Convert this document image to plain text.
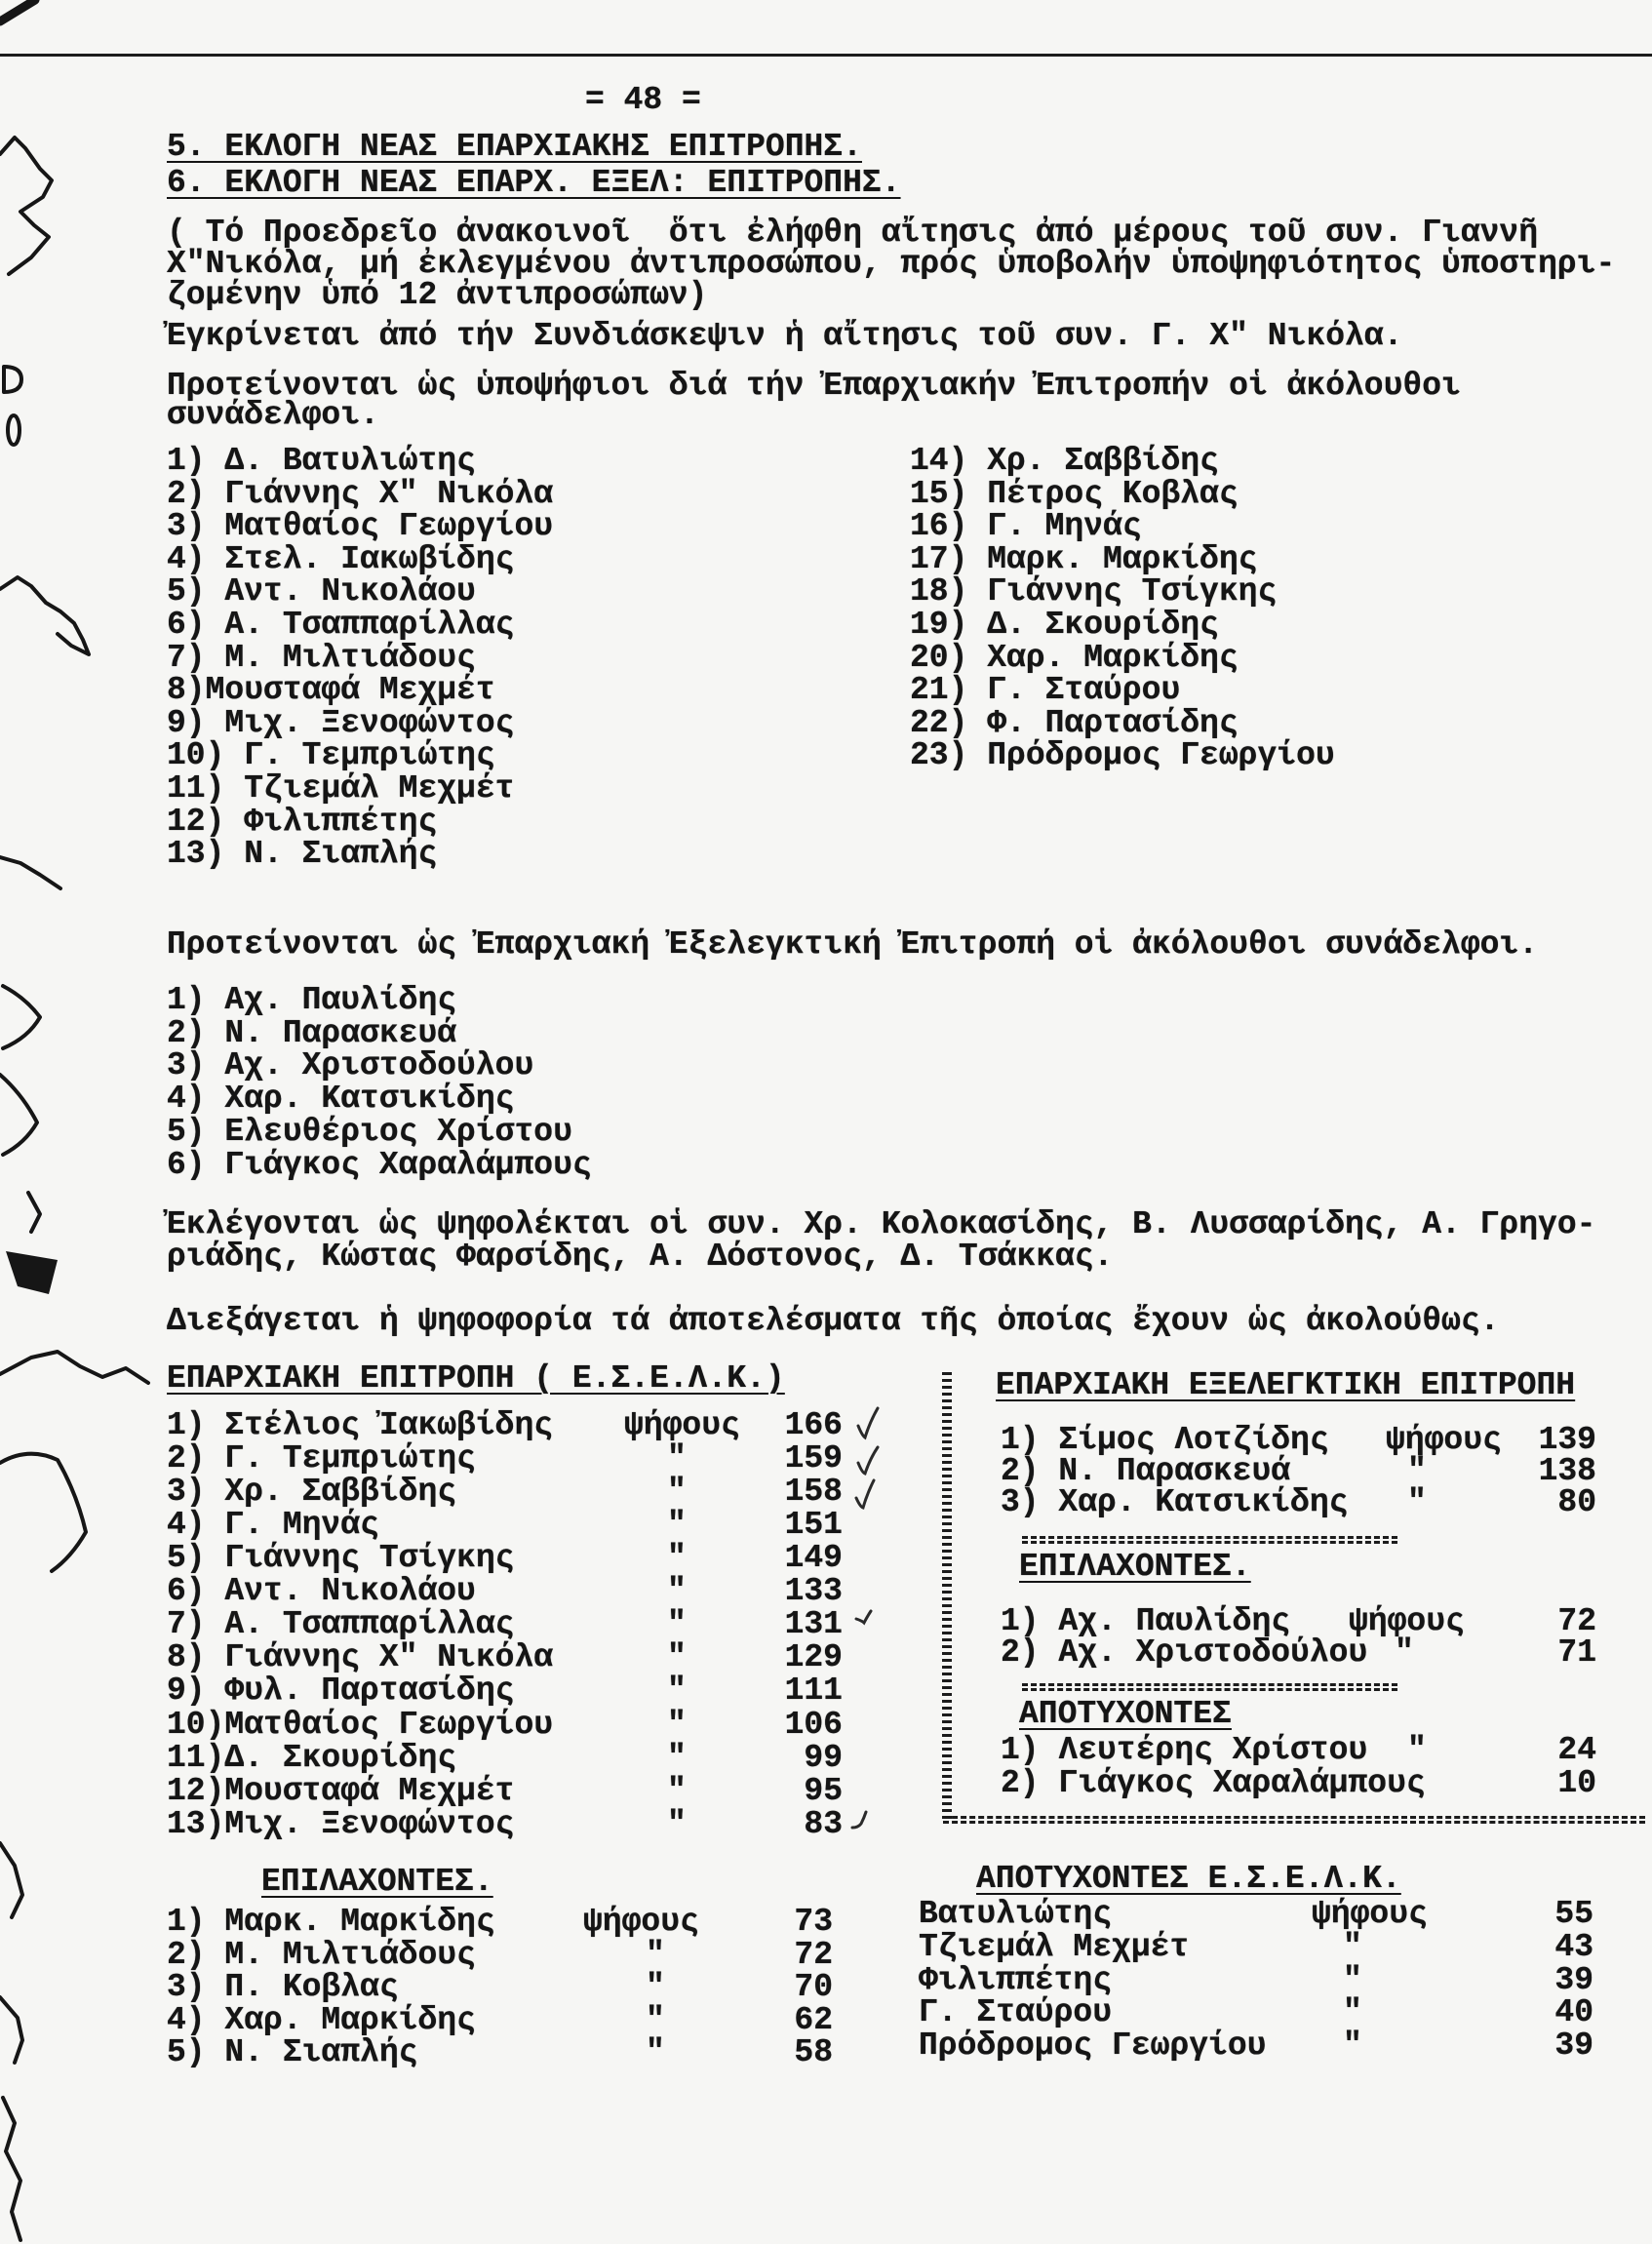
= 48 =
5. ΕΚΛΟΓΗ ΝΕΑΣ ΕΠΑΡΧΙΑΚΗΣ ΕΠΙΤΡΟΠΗΣ.
6. ΕΚΛΟΓΗ ΝΕΑΣ ΕΠΑΡΧ. ΕΞΕΛ: ΕΠΙΤΡΟΠΗΣ.
( Τό Προεδρεῖο ἀνακοινοῖ  ὅτι ἐλήφθη αἴτησις ἀπό μέρους τοῦ συν. Γιαννῆ
Χ"Νικόλα, μή ἐκλεγμένου ἀντιπροσώπου, πρός ὑποβολήν ὑποψηφιότητος ὑποστηρι-
ζομένην ὑπό 12 ἀντιπροσώπων)
Ἐγκρίνεται ἀπό τήν Συνδιάσκεψιν ἡ αἴτησις τοῦ συν. Γ. Χ" Νικόλα.
Προτείνονται ὡς ὑποψήφιοι διά τήν Ἐπαρχιακήν Ἐπιτροπήν οἱ ἀκόλουθοι
συνάδελφοι.
Προτείνονται ὡς Ἐπαρχιακή Ἐξελεγκτική Ἐπιτροπή οἱ ἀκόλουθοι συνάδελφοι.
Ἐκλέγονται ὡς ψηφολέκται οἱ συν. Χρ. Κολοκασίδης, Β. Λυσσαρίδης, Α. Γρηγο-
ριάδης, Κώστας Φαρσίδης, Α. Δόστονος, Δ. Τσάκκας.
Διεξάγεται ἡ ψηφοφορία τά ἀποτελέσματα τῆς ὁποίας ἔχουν ὡς ἀκολούθως.
ΕΠΑΡΧΙΑΚΗ ΕΠΙΤΡΟΠΗ ( Ε.Σ.Ε.Λ.Κ.)	ΕΠΑΡΧΙΑΚΗ ΕΞΕΛΕΓΚΤΙΚΗ ΕΠΙΤΡΟΠΗ
ΕΠΙΛΑΧΟΝΤΕΣ.
ΑΠΟΤΥΧΟΝΤΕΣ
ΕΠΙΛΑΧΟΝΤΕΣ.	ΑΠΟΤΥΧΟΝΤΕΣ Ε.Σ.Ε.Λ.Κ.
1) Δ. Βατυλιώτης
2) Γιάννης Χ" Νικόλα
3) Ματθαίος Γεωργίου
4) Στελ. Ιακωβίδης
5) Αντ. Νικολάου
6) Α. Τσαππαρίλλας
7) Μ. Μιλτιάδους
8)Μουσταφά Μεχμέτ
9) Μιχ. Ξενοφώντος
10) Γ. Τεμπριώτης
11) Τζιεμάλ Μεχμέτ
12) Φιλιππέτης
13) Ν. Σιαπλής
14) Χρ. Σαββίδης
15) Πέτρος Κοβλας
16) Γ. Μηνάς
17) Μαρκ. Μαρκίδης
18) Γιάννης Τσίγκης
19) Δ. Σκουρίδης
20) Χαρ. Μαρκίδης
21) Γ. Σταύρου
22) Φ. Παρτασίδης
23) Πρόδρομος Γεωργίου
1) Αχ. Παυλίδης
2) Ν. Παρασκευά
3) Αχ. Χριστοδούλου
4) Χαρ. Κατσικίδης
5) Ελευθέριος Χρίστου
6) Γιάγκος Χαραλάμπους
1) Στέλιος Ἰακωβίδης ψήφους 166
2) Γ. Τεμπριώτης	"	159
3) Χρ. Σαββίδης	"	158
4) Γ. Μηνάς	"	151
5) Γιάννης Τσίγκης	"	149
6) Αντ. Νικολάου	"	133
7) Α. Τσαππαρίλλας	"	131
8) Γιάννης Χ" Νικόλα	"	129
9) Φυλ. Παρτασίδης	"	111
10)Ματθαίος Γεωργίου	"	106
11)Δ. Σκουρίδης	"	99
12)Μουσταφά Μεχμέτ	"	95
13)Μιχ. Ξενοφώντος	"	83
1) Μαρκ. Μαρκίδης	ψήφους	73
2) Μ. Μιλτιάδους	"	72
3) Π. Κοβλας	"	70
4) Χαρ. Μαρκίδης	"	62
5) Ν. Σιαπλής	"	58
1) Σίμος Λοτζίδης ψήφους 139
2) Ν. Παρασκευά	"	138
3) Χαρ. Κατσικίδης "	80
1) Αχ. Παυλίδης ψήφους	72
2) Αχ. Χριστοδούλου "	71
1) Λευτέρης Χρίστου "	24
2) Γιάγκος Χαραλάμπους	10
Βατυλιώτης	ψήφους	55
Τζιεμάλ Μεχμέτ	"	43
Φιλιππέτης	"	39
Γ. Σταύρου	"	40
Πρόδρομος Γεωργίου "	39
